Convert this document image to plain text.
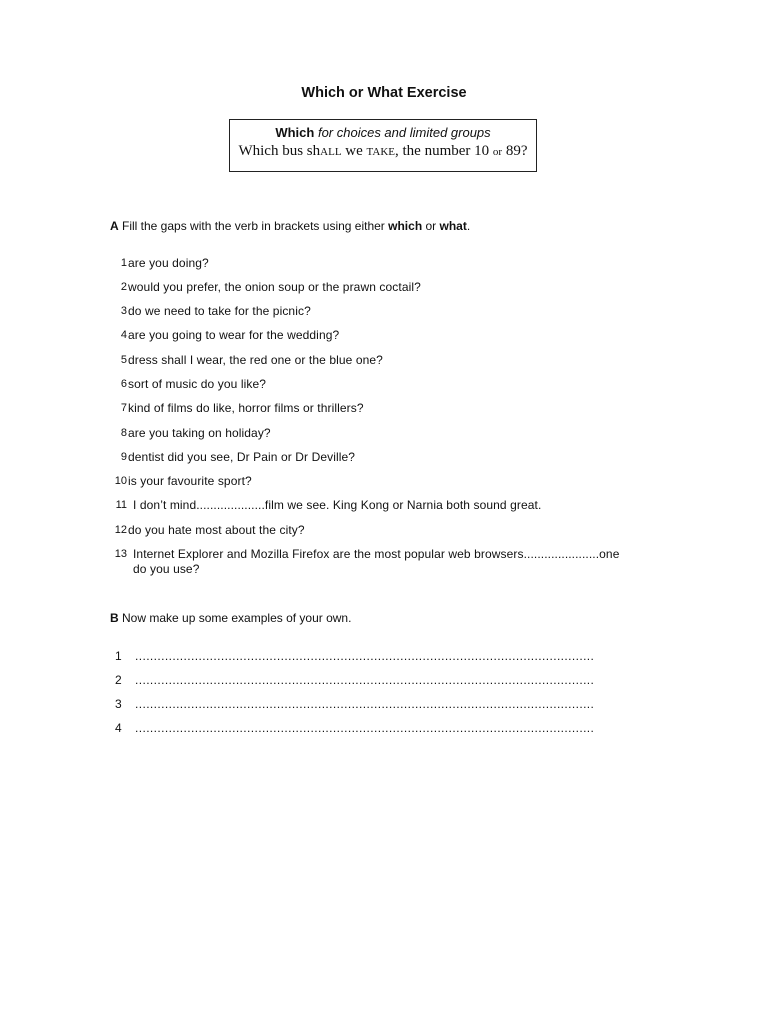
Which or What Exercise
Which for choices and limited groups
Which bus shALL we TAKE, the number 10 or 89?
A Fill the gaps with the verb in brackets using either which or what.
1 are you doing?
2 would you prefer, the onion soup or the prawn coctail?
3 do we need to take for the picnic?
4 are you going to wear for the wedding?
5 dress shall I wear, the red one or the blue one?
6 sort of music do you like?
7 kind of films do like, horror films or thrillers?
8 are you taking on holiday?
9 dentist did you see, Dr Pain or Dr Deville?
10 is your favourite sport?
11 I don’t mind....................film we see. King Kong or Narnia both sound great.
12 do you hate most about the city?
13 Internet Explorer and Mozilla Firefox are the most popular web browsers......................one
do you use?
B Now make up some examples of your own.
1 ...........................................................................................................................
2 ...........................................................................................................................
3 ...........................................................................................................................
4 ...........................................................................................................................
